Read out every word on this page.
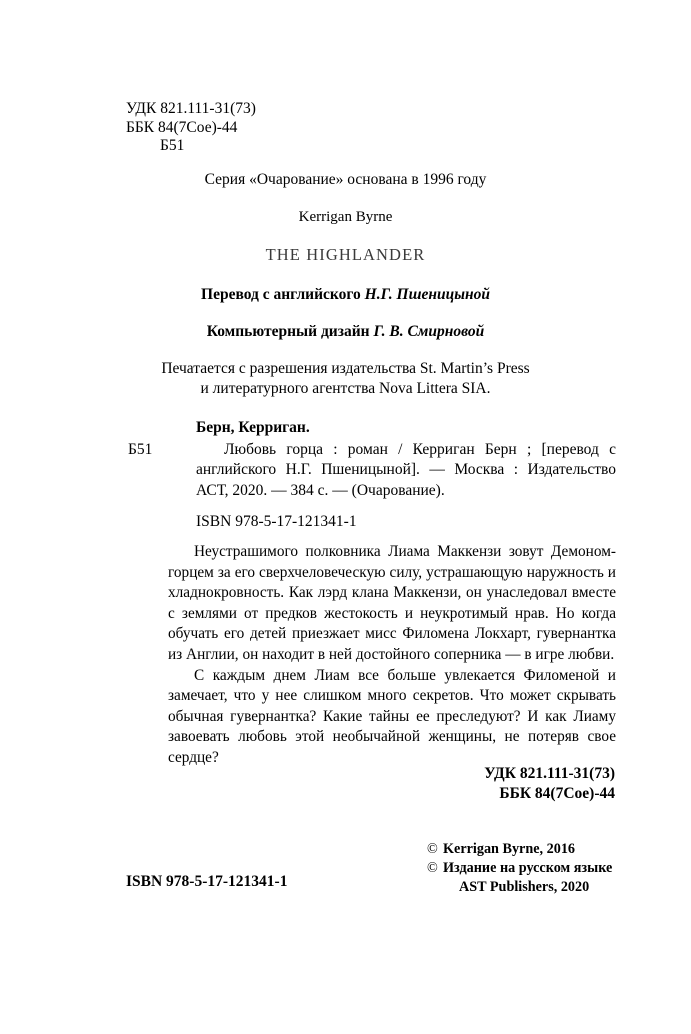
УДК 821.111-31(73)
ББК 84(7Сое)-44
Б51
Серия «Очарование» основана в 1996 году
Kerrigan Byrne
THE HIGHLANDER
Перевод с английского Н.Г. Пшеницыной
Компьютерный дизайн Г. В. Смирновой
Печатается с разрешения издательства St. Martin’s Press
и литературного агентства Nova Littera SIA.
Берн, Керриган.
Б51	Любовь горца : роман / Керриган Берн ; [перевод с английского Н.Г. Пшеницыной]. — Москва : Издательство АСТ, 2020. — 384 с. — (Очарование).
ISBN 978-5-17-121341-1

Неустрашимого полковника Лиама Маккензи зовут Демоном-горцем за его сверхчеловеческую силу, устрашающую наружность и хладнокровность. Как лэрд клана Маккензи, он унаследовал вместе с землями от предков жестокость и неукротимый нрав. Но когда обучать его детей приезжает мисс Филомена Локхарт, гувернантка из Англии, он находит в ней достойного соперника — в игре любви.

С каждым днем Лиам все больше увлекается Филоменой и замечает, что у нее слишком много секретов. Что может скрывать обычная гувернантка? Какие тайны ее преследуют? И как Лиаму завоевать любовь этой необычайной женщины, не потеряв свое сердце?

УДК 821.111-31(73)
ББК 84(7Сое)-44
ISBN 978-5-17-121341-1
© Kerrigan Byrne, 2016
© Издание на русском языке
AST Publishers, 2020
